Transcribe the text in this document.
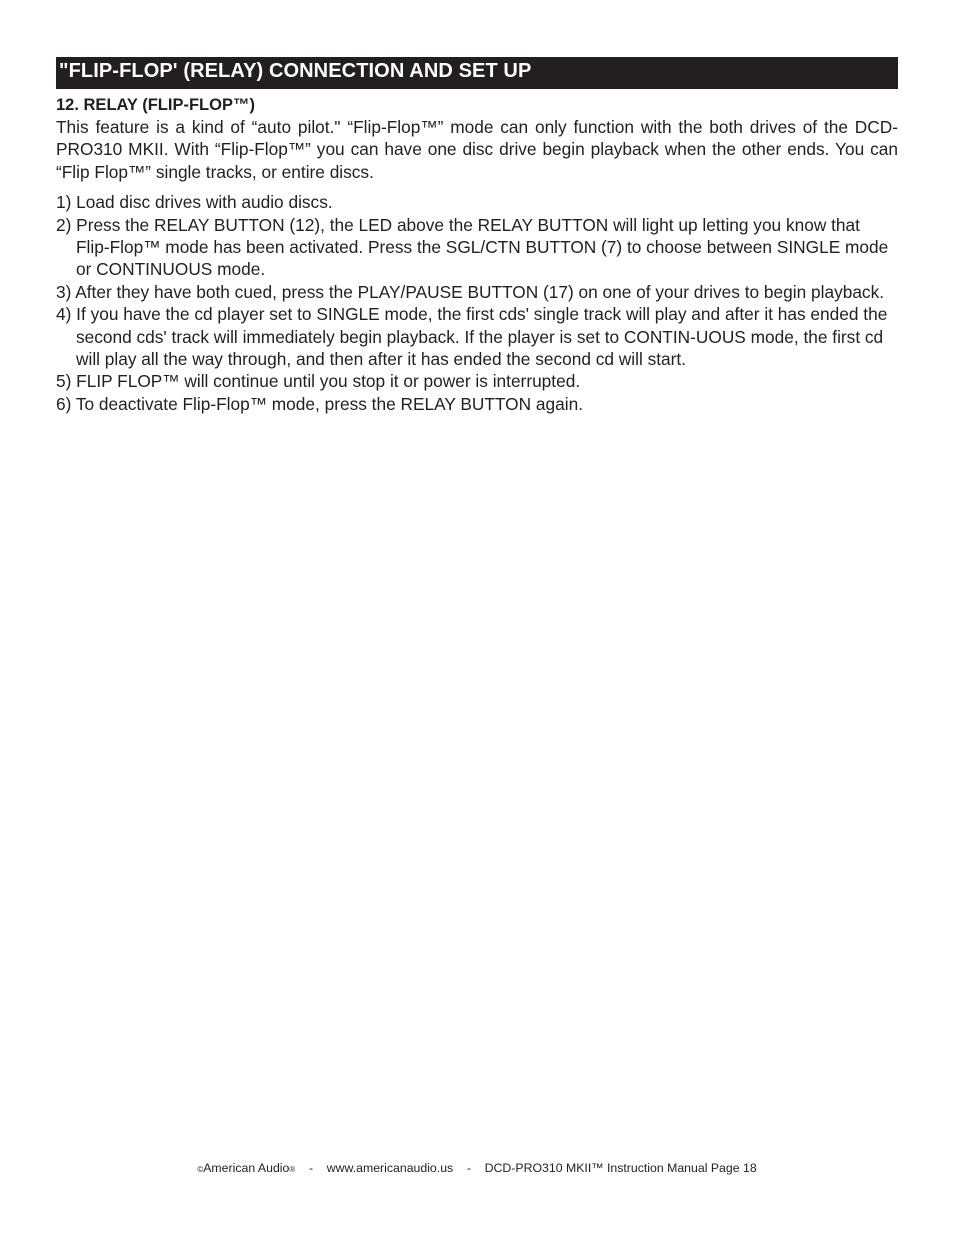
"FLIP-FLOP' (RELAY) CONNECTION AND SET UP
12. RELAY (FLIP-FLOP™)

This feature is a kind of “auto pilot." “Flip-Flop™” mode can only function with the both drives of the DCD-PRO310 MKII. With “Flip-Flop™” you can have one disc drive begin playback when the other ends. You can “Flip Flop™” single tracks, or entire discs.

1) Load disc drives with audio discs.
2) Press the RELAY BUTTON (12), the LED above the RELAY BUTTON will light up letting you know that Flip-Flop™ mode has been activated. Press the SGL/CTN BUTTON (7) to choose between SINGLE mode or CONTINUOUS mode.
3) After they have both cued, press the PLAY/PAUSE BUTTON (17) on one of your drives to begin playback.
4) If you have the cd player set to SINGLE mode, the first cds' single track will play and after it has ended the second cds' track will immediately begin playback. If the player is set to CONTIN-UOUS mode, the first cd will play all the way through, and then after it has ended the second cd will start.
5) FLIP FLOP™ will continue until you stop it or power is interrupted.
6) To deactivate Flip-Flop™ mode, press the RELAY BUTTON again.
©American Audio® - www.americanaudio.us - DCD-PRO310 MKII™ Instruction Manual Page 18
